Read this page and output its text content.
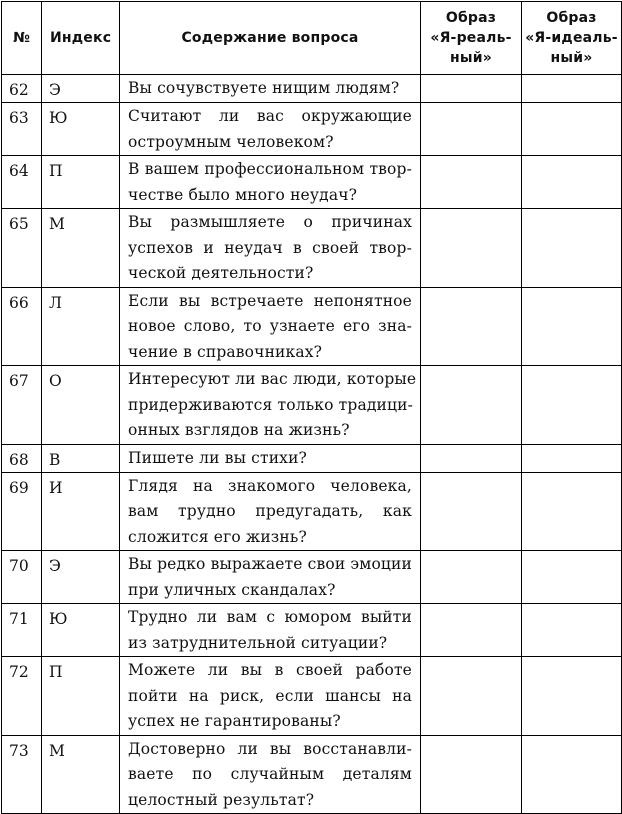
№	Индекс	Содержание вопроса	Образ
«Я-реаль-
ный»	Образ
«Я-идеаль-
ный»

62	Э	Вы сочувствуете нищим людям?		

63	Ю	Считают ли вас окружающие
остроумным человеком?		

64	П	В вашем профессиональном твор-
честве было много неудач?		

65	М	Вы размышляете о причинах
успехов и неудач в своей твор-
ческой деятельности?		

66	Л	Если вы встречаете непонятное
новое слово, то узнаете его зна-
чение в справочниках?		

67	О	Интересуют ли вас люди, которые
придерживаются только традици-
онных взглядов на жизнь?		

68	В	Пишете ли вы стихи?		

69	И	Глядя на знакомого человека,
вам трудно предугадать, как
сложится его жизнь?		

70	Э	Вы редко выражаете свои эмоции
при уличных скандалах?		

71	Ю	Трудно ли вам с юмором выйти
из затруднительной ситуации?		

72	П	Можете ли вы в своей работе
пойти на риск, если шансы на
успех не гарантированы?		

73	М	Достоверно ли вы восстанавли-
ваете по случайным деталям
целостный результат?		
